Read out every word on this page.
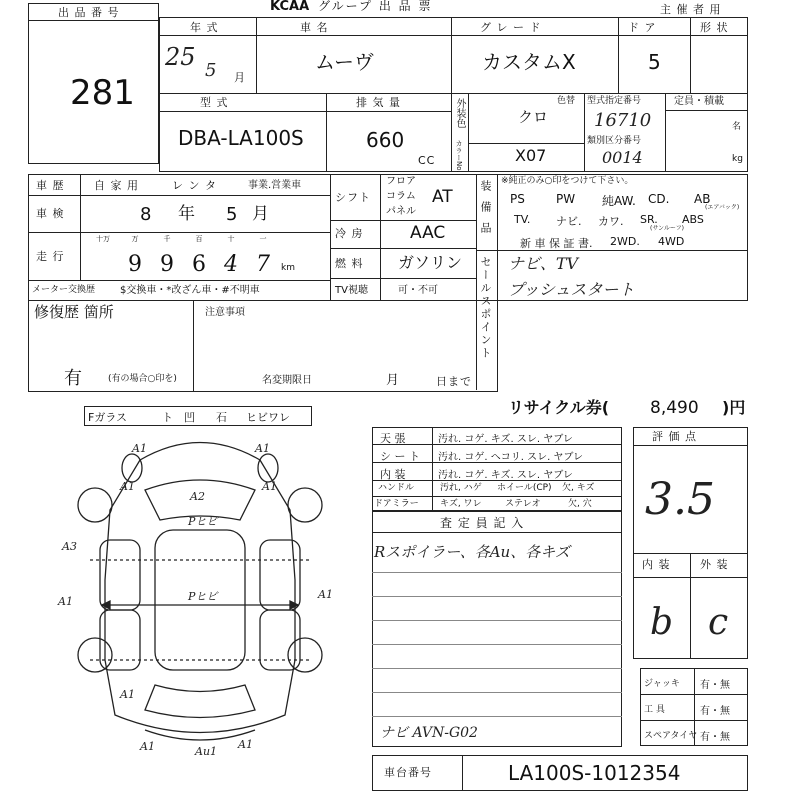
KCAA グループ 出 品 票	主 催 者 用
出 品 番 号
281
年 式
25 5 月
車 名
ムーヴ
グ レ ー ド
カスタムX
ド ア
5
形 状
型 式
DBA-LA100S
排 気 量
660
CC
外装色
カラーNo.
クロ
色替
X07
型式指定番号
16710
類別区分番号
0014
定員・積載
名
kg
車 歴	自 家 用	レ ン タ	事業.営業車
車 検	8 年 5 月
走 行
十万	万
9
千
9
百
6
十
4
一
7	km
メーター交換歴 $交換車・*改ざん車・#不明車
シフト
フロア
コラム
パネル
AT
冷 房	AAC
燃 料 ガソリン
TV視聴	可・不可
装備品 ※純正のみ○印をつけて下さい。
PS	PW 純AW. CD. AB
(エアバック)
TV. ナビ. カワ. SR. ABS
(サンルーフ)
新 車 保 証 書. 2WD. 4WD
セールスポイント ナビ、TV
プッシュスタート
修復歴 箇所	注意事項
有	(有の場合○印を)	名変期限日	月	日まで
Fガラス	ト 凹 石 ヒビワレ
リサイクル券( 8,490 )円
天 張	汚れ. コゲ. キズ. スレ. ヤブレ
シ ー ト 汚れ. コゲ. へコリ. スレ. ヤブレ
内 装	汚れ. コゲ. キズ. スレ. ヤブレ
ハンドル	汚れ, ハゲ ホイール(CP) 欠, キズ
ドアミラー キズ, ワレ	ステレオ	欠, 穴
査 定 員 記 入
Rスポイラー、各Au、各キズ
ナビ AVN-G02
評 価 点
3.5
内 装	外 装
b c
ジャッキ 有・無
工 具	有・無
スペアタイヤ 有・無
車台番号	LA100S-1012354
A1	A1
A1	A1
A3
A1
A1
A1
A2
Pヒビ
Pヒビ
A1	Au1
A1
